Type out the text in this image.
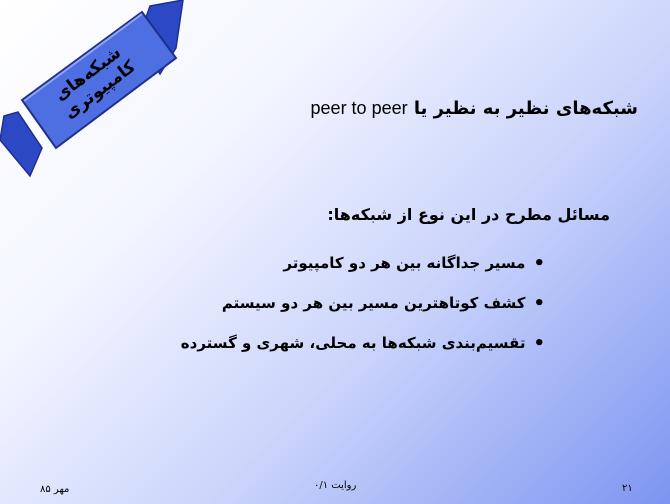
شبکه‌های کامپیوتری	شبکه‌های نظیر به نظیر یا peer to peer
مسائل مطرح در این نوع از شبکه‌ها:
•
مسیر جداگانه بین هر دو کامپیوتر
•
کشف کوتاهترین مسیر بین هر دو سیستم
•
تقسیم‌بندی شبکه‌ها به محلی، شهری و گسترده
مهر ۸۵	روایت ۰/۱	۲۱
